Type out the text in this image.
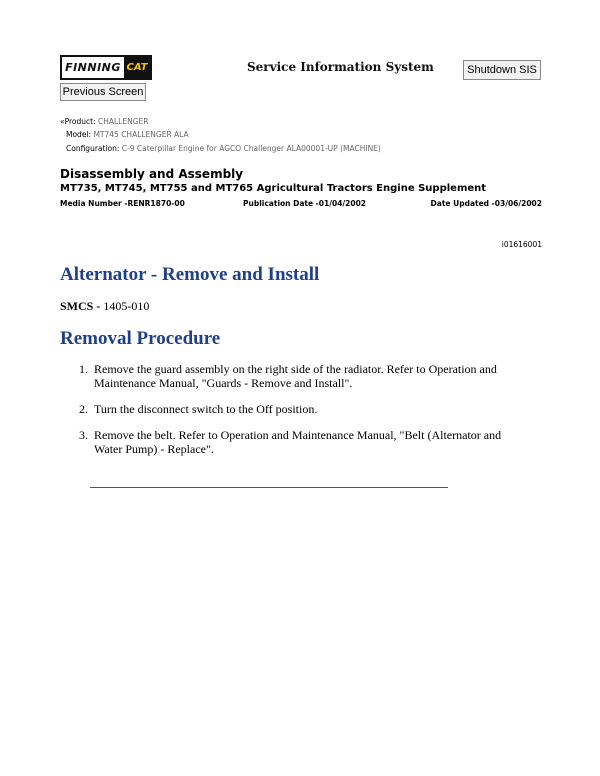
FINNING CAT	Service Information System	Shutdown SIS
Previous Screen
«Product: CHALLENGER
Model: MT745 CHALLENGER ALA
Configuration: C-9 Caterpillar Engine for AGCO Challenger ALA00001-UP (MACHINE)
Disassembly and Assembly
MT735, MT745, MT755 and MT765 Agricultural Tractors Engine Supplement
Media Number -RENR1870-00	Publication Date -01/04/2002	Date Updated -03/06/2002
i01616001
Alternator - Remove and Install
SMCS - 1405-010
Removal Procedure
1. Remove the guard assembly on the right side of the radiator. Refer to Operation and Maintenance Manual, "Guards - Remove and Install".
2. Turn the disconnect switch to the Off position.
3. Remove the belt. Refer to Operation and Maintenance Manual, "Belt (Alternator and Water Pump) - Replace".
